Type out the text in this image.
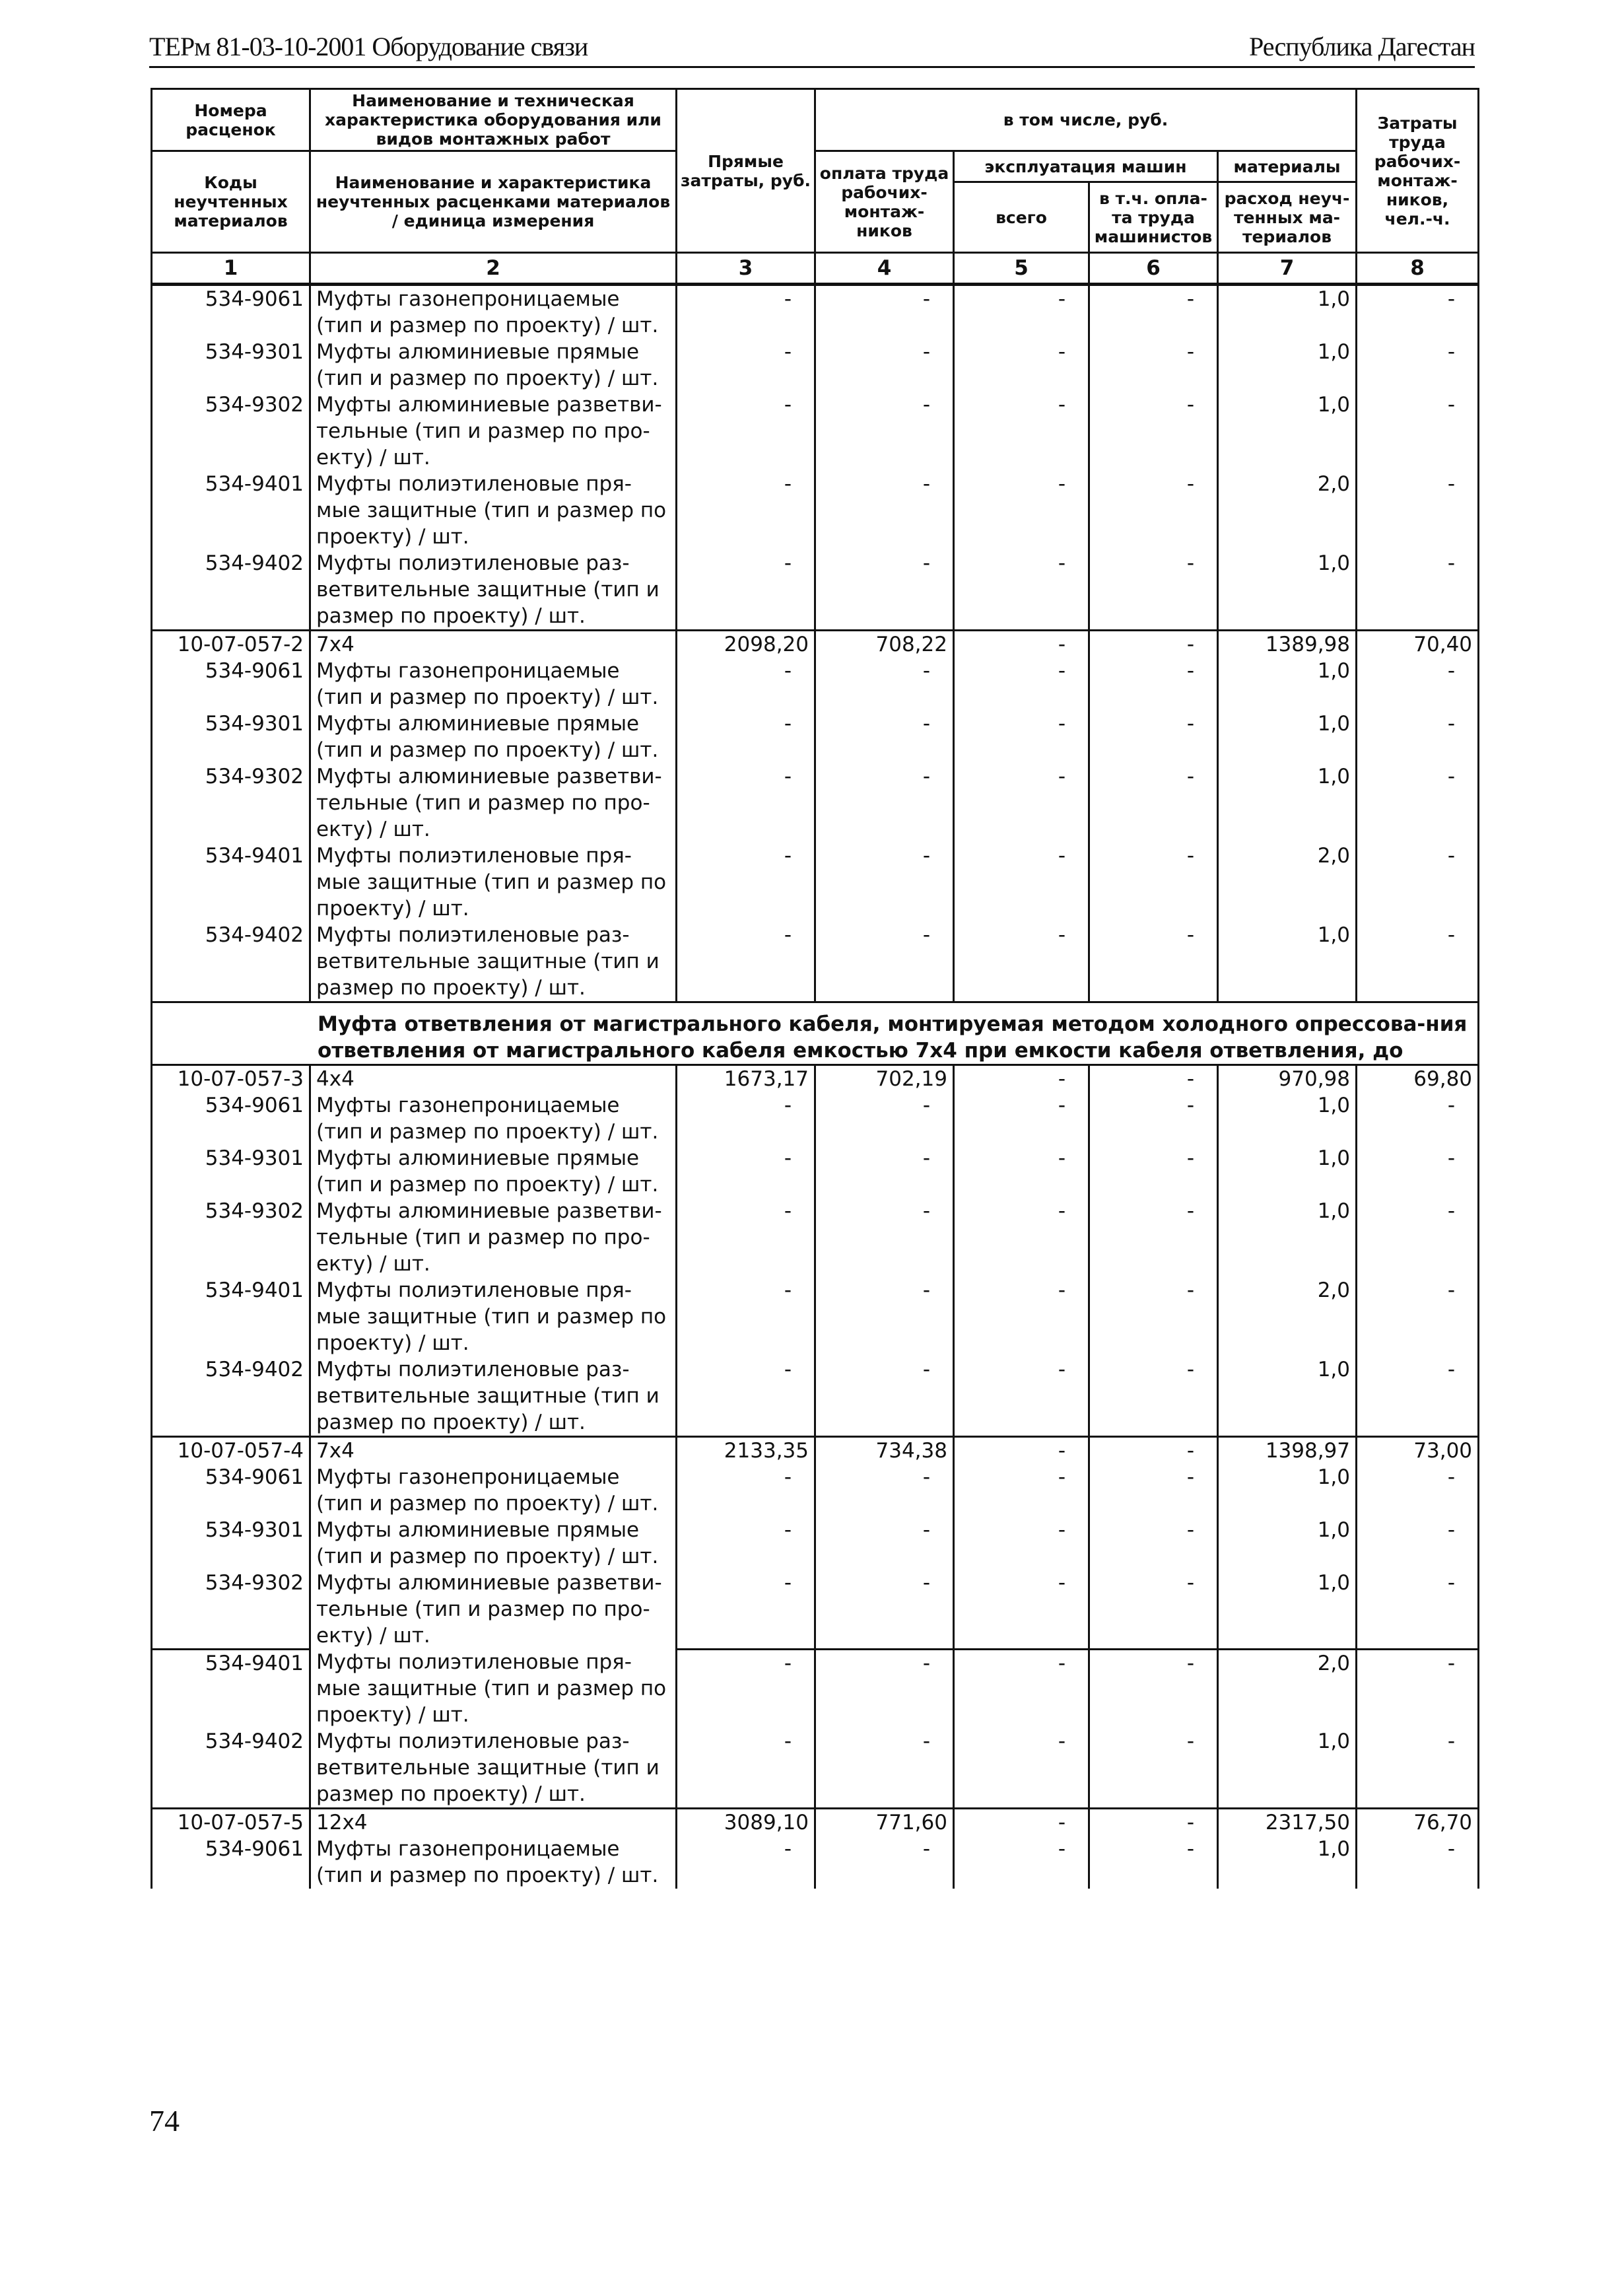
ТЕРм 81-03-10-2001 Оборудование связи	Республика Дагестан
Номера расценок	Наименование и техническая характеристика оборудования или видов монтажных работ	Прямые затраты, руб.	в том числе, руб.				Затраты труда рабочих-монтаж-ников, чел.-ч.
Коды неучтенных материалов	Наименование и характеристика неучтенных расценками материалов / единица измерения		оплата труда рабочих-монтаж-ников	эксплуатация машин		материалы	
				всего	в т.ч. опла-та труда машинистов	расход неуч-тенных ма-териалов	
1	2	3	4	5	6	7	8
534-9061	Муфты газонепроницаемые (тип и размер по проекту) / шт.	-	-	-	-	1,0	-
534-9301	Муфты алюминиевые прямые (тип и размер по проекту) / шт.	-	-	-	-	1,0	-
534-9302	Муфты алюминиевые разветви-тельные (тип и размер по про-екту) / шт.	-	-	-	-	1,0	-
534-9401	Муфты полиэтиленовые пря-мые защитные (тип и размер по проекту) / шт.	-	-	-	-	2,0	-
534-9402	Муфты полиэтиленовые раз-ветвительные защитные (тип и размер по проекту) / шт.	-	-	-	-	1,0	-
10-07-057-2	7x4	2098,20	708,22	-	-	1389,98	70,40
534-9061	Муфты газонепроницаемые (тип и размер по проекту) / шт.	-	-	-	-	1,0	-
534-9301	Муфты алюминиевые прямые (тип и размер по проекту) / шт.	-	-	-	-	1,0	-
534-9302	Муфты алюминиевые разветви-тельные (тип и размер по про-екту) / шт.	-	-	-	-	1,0	-
534-9401	Муфты полиэтиленовые пря-мые защитные (тип и размер по проекту) / шт.	-	-	-	-	2,0	-
534-9402	Муфты полиэтиленовые раз-ветвительные защитные (тип и размер по проекту) / шт.	-	-	-	-	1,0	-
Муфта ответвления от магистрального кабеля, монтируемая методом холодного опрессова-ния ответвления от магистрального кабеля емкостью 7x4 при емкости кабеля ответвления, до							
10-07-057-3	4x4	1673,17	702,19	-	-	970,98	69,80
534-9061	Муфты газонепроницаемые (тип и размер по проекту) / шт.	-	-	-	-	1,0	-
534-9301	Муфты алюминиевые прямые (тип и размер по проекту) / шт.	-	-	-	-	1,0	-
534-9302	Муфты алюминиевые разветви-тельные (тип и размер по про-екту) / шт.	-	-	-	-	1,0	-
534-9401	Муфты полиэтиленовые пря-мые защитные (тип и размер по проекту) / шт.	-	-	-	-	2,0	-
534-9402	Муфты полиэтиленовые раз-ветвительные защитные (тип и размер по проекту) / шт.	-	-	-	-	1,0	-
10-07-057-4	7x4	2133,35	734,38	-	-	1398,97	73,00
534-9061	Муфты газонепроницаемые (тип и размер по проекту) / шт.	-	-	-	-	1,0	-
534-9301	Муфты алюминиевые прямые (тип и размер по проекту) / шт.	-	-	-	-	1,0	-
534-9302	Муфты алюминиевые разветви-тельные (тип и размер по про-екту) / шт.	-	-	-	-	1,0	-
534-9401	Муфты полиэтиленовые пря-мые защитные (тип и размер по проекту) / шт.	-	-	-	-	2,0	-
534-9402	Муфты полиэтиленовые раз-ветвительные защитные (тип и размер по проекту) / шт.	-	-	-	-	1,0	-
10-07-057-5	12x4	3089,10	771,60	-	-	2317,50	76,70
534-9061	Муфты газонепроницаемые (тип и размер по проекту) / шт.	-	-	-	-	1,0	-
74
